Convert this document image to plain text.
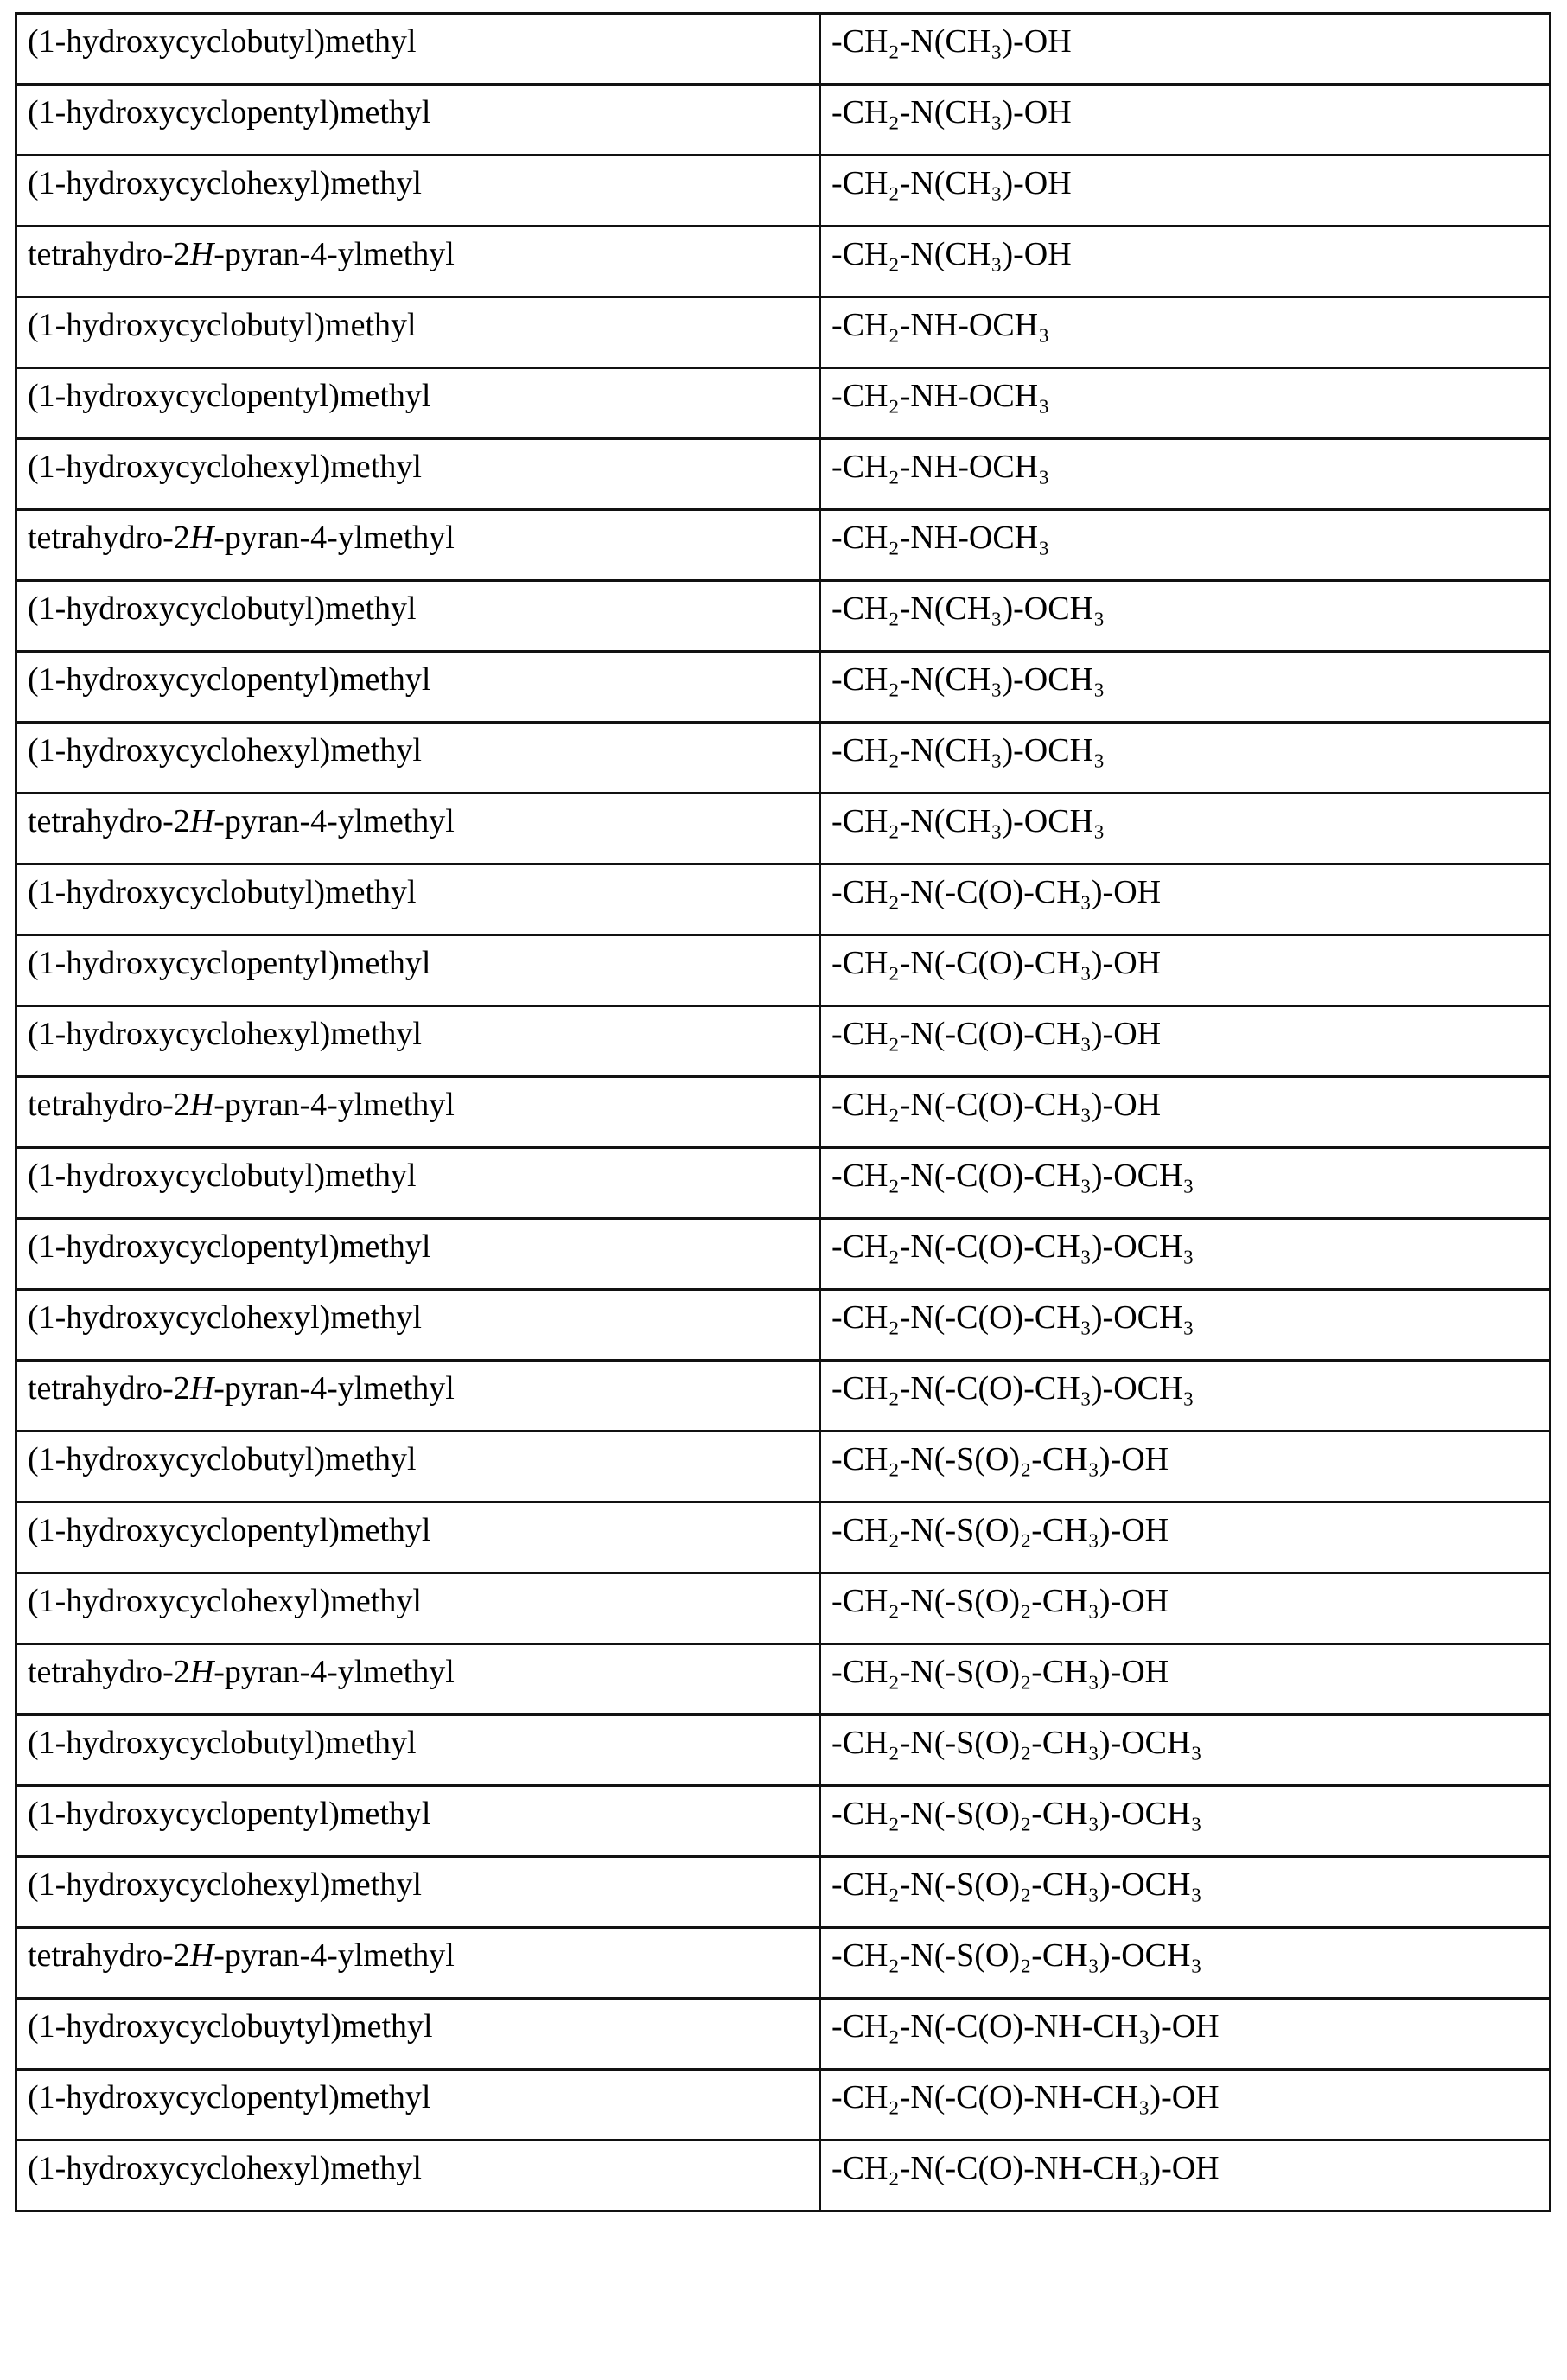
(1-hydroxycyclobutyl)methyl	-CH₂-N(CH₃)-OH
(1-hydroxycyclopentyl)methyl	-CH₂-N(CH₃)-OH
(1-hydroxycyclohexyl)methyl	-CH₂-N(CH₃)-OH
tetrahydro-2H-pyran-4-ylmethyl	-CH₂-N(CH₃)-OH
(1-hydroxycyclobutyl)methyl	-CH₂-NH-OCH₃
(1-hydroxycyclopentyl)methyl	-CH₂-NH-OCH₃
(1-hydroxycyclohexyl)methyl	-CH₂-NH-OCH₃
tetrahydro-2H-pyran-4-ylmethyl	-CH₂-NH-OCH₃
(1-hydroxycyclobutyl)methyl	-CH₂-N(CH₃)-OCH₃
(1-hydroxycyclopentyl)methyl	-CH₂-N(CH₃)-OCH₃
(1-hydroxycyclohexyl)methyl	-CH₂-N(CH₃)-OCH₃
tetrahydro-2H-pyran-4-ylmethyl	-CH₂-N(CH₃)-OCH₃
(1-hydroxycyclobutyl)methyl	-CH₂-N(-C(O)-CH₃)-OH
(1-hydroxycyclopentyl)methyl	-CH₂-N(-C(O)-CH₃)-OH
(1-hydroxycyclohexyl)methyl	-CH₂-N(-C(O)-CH₃)-OH
tetrahydro-2H-pyran-4-ylmethyl	-CH₂-N(-C(O)-CH₃)-OH
(1-hydroxycyclobutyl)methyl	-CH₂-N(-C(O)-CH₃)-OCH₃
(1-hydroxycyclopentyl)methyl	-CH₂-N(-C(O)-CH₃)-OCH₃
(1-hydroxycyclohexyl)methyl	-CH₂-N(-C(O)-CH₃)-OCH₃
tetrahydro-2H-pyran-4-ylmethyl	-CH₂-N(-C(O)-CH₃)-OCH₃
(1-hydroxycyclobutyl)methyl	-CH₂-N(-S(O)₂-CH₃)-OH
(1-hydroxycyclopentyl)methyl	-CH₂-N(-S(O)₂-CH₃)-OH
(1-hydroxycyclohexyl)methyl	-CH₂-N(-S(O)₂-CH₃)-OH
tetrahydro-2H-pyran-4-ylmethyl	-CH₂-N(-S(O)₂-CH₃)-OH
(1-hydroxycyclobutyl)methyl	-CH₂-N(-S(O)₂-CH₃)-OCH₃
(1-hydroxycyclopentyl)methyl	-CH₂-N(-S(O)₂-CH₃)-OCH₃
(1-hydroxycyclohexyl)methyl	-CH₂-N(-S(O)₂-CH₃)-OCH₃
tetrahydro-2H-pyran-4-ylmethyl	-CH₂-N(-S(O)₂-CH₃)-OCH₃
(1-hydroxycyclobuytyl)methyl	-CH₂-N(-C(O)-NH-CH₃)-OH
(1-hydroxycyclopentyl)methyl	-CH₂-N(-C(O)-NH-CH₃)-OH
(1-hydroxycyclohexyl)methyl	-CH₂-N(-C(O)-NH-CH₃)-OH
